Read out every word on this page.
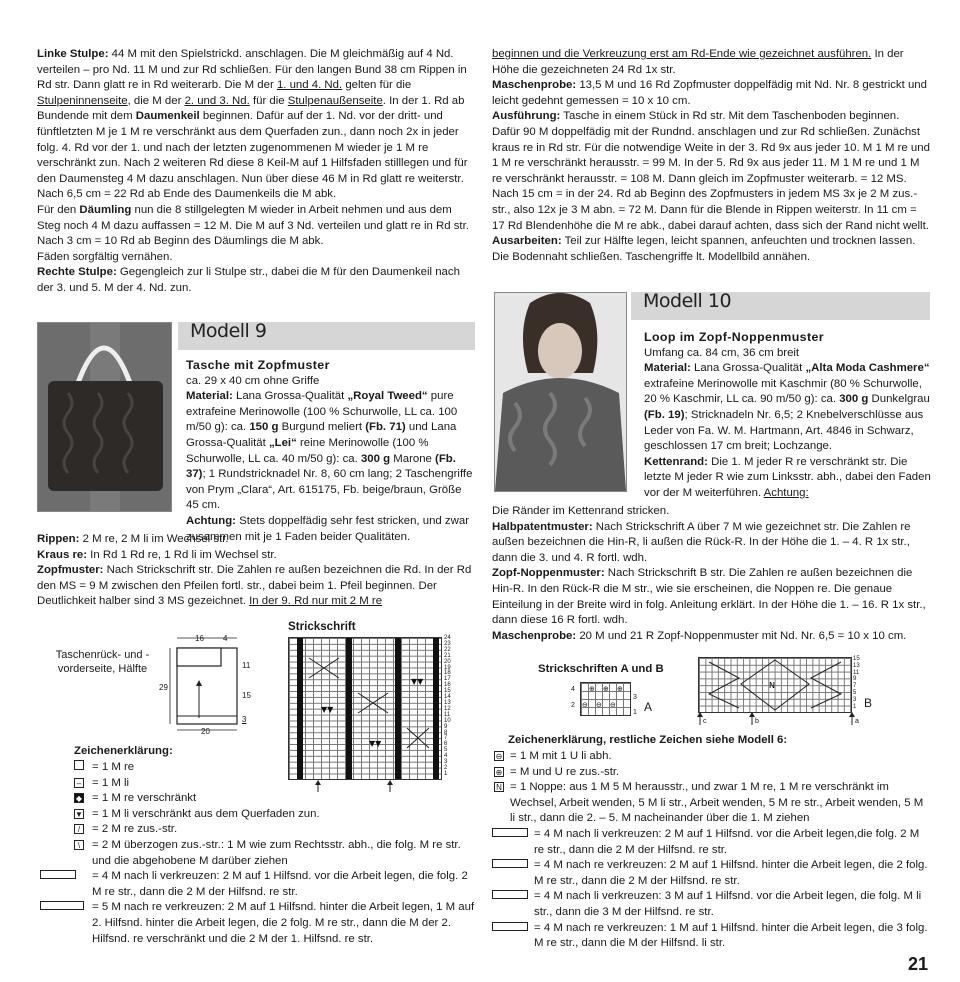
Linke Stulpe: 44 M mit den Spielstrickd. anschlagen. Die M gleichmäßig auf 4 Nd. verteilen – pro Nd. 11 M und zur Rd schließen. Für den langen Bund 38 cm Rippen in Rd str. Dann glatt re in Rd weiterarb. Die M der 1. und 4. Nd. gelten für die Stulpeninnenseite, die M der 2. und 3. Nd. für die Stulpenaußenseite. In der 1. Rd ab Bundende mit dem Daumenkeil beginnen. Dafür auf der 1. Nd. vor der dritt- und fünftletzten M je 1 M re verschränkt aus dem Querfaden zun., dann noch 2x in jeder folg. 4. Rd vor der 1. und nach der letzten zugenommenen M wieder je 1 M re verschränkt zun. Nach 2 weiteren Rd diese 8 Keil-M auf 1 Hilfsfaden stilllegen und für den Daumensteg 4 M dazu anschlagen. Nun über diese 46 M in Rd glatt re weiterstr. Nach 6,5 cm = 22 Rd ab Ende des Daumenkeils die M abk.

Für den Däumling nun die 8 stillgelegten M wieder in Arbeit nehmen und aus dem Steg noch 4 M dazu auffassen = 12 M. Die M auf 3 Nd. verteilen und glatt re in Rd str. Nach 3 cm = 10 Rd ab Beginn des Däumlings die M abk.

Fäden sorgfältig vernähen.

Rechte Stulpe: Gegengleich zur li Stulpe str., dabei die M für den Daumenkeil nach der 3. und 5. M der 4. Nd. zun.

Modell 9

Tasche mit Zopfmuster

ca. 29 x 40 cm ohne Griffe

Material: Lana Grossa-Qualität „Royal Tweed“ pure extrafeine Merinowolle (100 % Schurwolle, LL ca. 100 m/50 g): ca. 150 g Burgund meliert (Fb. 71) und Lana Grossa-Qualität „Lei“ reine Merinowolle (100 % Schurwolle, LL ca. 40 m/50 g): ca. 300 g Marone (Fb. 37); 1 Rundstricknadel Nr. 8, 60 cm lang; 2 Taschengriffe von Prym „Clara“, Art. 615175, Fb. beige/braun, Größe 45 cm.

Achtung: Stets doppelfädig sehr fest stricken, und zwar zusammen mit je 1 Faden beider Qualitäten.

Rippen: 2 M re, 2 M li im Wechsel str.

Kraus re: In Rd 1 Rd re, 1 Rd li im Wechsel str.

Zopfmuster: Nach Strickschrift str. Die Zahlen re außen bezeichnen die Rd. In der Rd den MS = 9 M zwischen den Pfeilen fortl. str., dabei beim 1. Pfeil beginnen. Der Deutlichkeit halber sind 3 MS gezeichnet. In der 9. Rd nur mit 2 M re

Taschenrück- und -vorderseite, Hälfte
16 4
11
15
3
29
20
Strickschrift
▼▼
▼▼
▼▼
24
23
22
21
20
19
18
17
16
15
14
13
12
11
10
9
8
7
6
5
4
3
2
1
Zeichenerklärung:
= 1 M re
– = 1 M li
◆ = 1 M re verschränkt
▼ = 1 M li verschränkt aus dem Querfaden zun.
/	= 2 M re zus.-str.
\	= 2 M überzogen zus.-str.: 1 M wie zum Rechtsstr. abh., die folg. M re str. und die abgehobene M darüber ziehen
= 4 M nach li verkreuzen: 2 M auf 1 Hilfsnd. vor die Arbeit legen, die folg. 2 M re str., dann die 2 M der Hilfsnd. re str.
= 5 M nach re verkreuzen: 2 M auf 1 Hilfsnd. hinter die Arbeit legen, 1 M auf 2. Hilfsnd. hinter die Arbeit legen, die 2 folg. M re str., dann die M der 2. Hilfsnd. re verschränkt und die 2 M der 1. Hilfsnd. re str.

beginnen und die Verkreuzung erst am Rd-Ende wie gezeichnet ausführen. In der Höhe die gezeichneten 24 Rd 1x str.

Maschenprobe: 13,5 M und 16 Rd Zopfmuster doppelfädig mit Nd. Nr. 8 gestrickt und leicht gedehnt gemessen = 10 x 10 cm.

Ausführung: Tasche in einem Stück in Rd str. Mit dem Taschenboden beginnen. Dafür 90 M doppelfädig mit der Rundnd. anschlagen und zur Rd schließen. Zunächst kraus re in Rd str. Für die notwendige Weite in der 3. Rd 9x aus jeder 10. M 1 M re und 1 M re verschränkt herausstr. = 99 M. In der 5. Rd 9x aus jeder 11. M 1 M re und 1 M re verschränkt herausstr. = 108 M. Dann gleich im Zopfmuster weiterarb. = 12 MS. Nach 15 cm = in der 24. Rd ab Beginn des Zopfmusters in jedem MS 3x je 2 M zus.-str., also 12x je 3 M abn. = 72 M. Dann für die Blende in Rippen weiterstr. In 11 cm = 17 Rd Blendenhöhe die M re abk., dabei darauf achten, dass sich der Rand nicht wellt.

Ausarbeiten: Teil zur Hälfte legen, leicht spannen, anfeuchten und trocknen lassen. Die Bodennaht schließen. Taschengriffe lt. Modellbild annähen.

Modell 10

Loop im Zopf-Noppenmuster

Umfang ca. 84 cm, 36 cm breit

Material: Lana Grossa-Qualität „Alta Moda Cashmere“ extrafeine Merinowolle mit Kaschmir (80 % Schurwolle, 20 % Kaschmir, LL ca. 90 m/50 g): ca. 300 g Dunkelgrau (Fb. 19); Stricknadeln Nr. 6,5; 2 Knebelverschlüsse aus Leder von Fa. W. M. Hartmann, Art. 4846 in Schwarz, geschlossen 17 cm breit; Lochzange.

Kettenrand: Die 1. M jeder R re verschränkt str. Die letzte M jeder R wie zum Linksstr. abh., dabei den Faden vor der M weiterführen. Achtung:

Die Ränder im Kettenrand stricken.

Halbpatentmuster: Nach Strickschrift A über 7 M wie gezeichnet str. Die Zahlen re außen bezeichnen die Hin-R, li außen die Rück-R. In der Höhe die 1. – 4. R 1x str., dann die 3. und 4. R fortl. wdh.

Zopf-Noppenmuster: Nach Strickschrift B str. Die Zahlen re außen bezeichnen die Hin-R. In den Rück-R die M str., wie sie erscheinen, die Noppen re. Die genaue Einteilung in der Breite wird in folg. Anleitung erklärt. In der Höhe die 1. – 16. R 1x str., dann diese 16 R fortl. wdh.

Maschenprobe: 20 M und 21 R Zopf-Noppenmuster mit Nd. Nr. 6,5 = 10 x 10 cm.

Strickschriften A und B
⊕ ⊕ ⊕
⊖ ⊖ ⊖
4
2
3
1 A
N
15
13
11
9
7
5
3
1 B
c	b	a
Zeichenerklärung, restliche Zeichen siehe Modell 6:
⊖ = 1 M mit 1 U li abh.
⊕ = M und U re zus.-str.
N = 1 Noppe: aus 1 M 5 M herausstr., und zwar 1 M re, 1 M re verschränkt im Wechsel, Arbeit wenden, 5 M li str., Arbeit wenden, 5 M re str., Arbeit wenden, 5 M li str., dann die 2. – 5. M nacheinander über die 1. M ziehen
= 4 M nach li verkreuzen: 2 M auf 1 Hilfsnd. vor die Arbeit legen,die folg. 2 M re str., dann die 2 M der Hilfsnd. re str.
= 4 M nach re verkreuzen: 2 M auf 1 Hilfsnd. hinter die Arbeit legen, die 2 folg. M re str., dann die 2 M der Hilfsnd. re str.
= 4 M nach li verkreuzen: 3 M auf 1 Hilfsnd. vor die Arbeit legen, die folg. M li str., dann die 3 M der Hilfsnd. re str.
= 4 M nach re verkreuzen: 1 M auf 1 Hilfsnd. hinter die Arbeit legen, die 3 folg. M re str., dann die M der Hilfsnd. li str.
21
